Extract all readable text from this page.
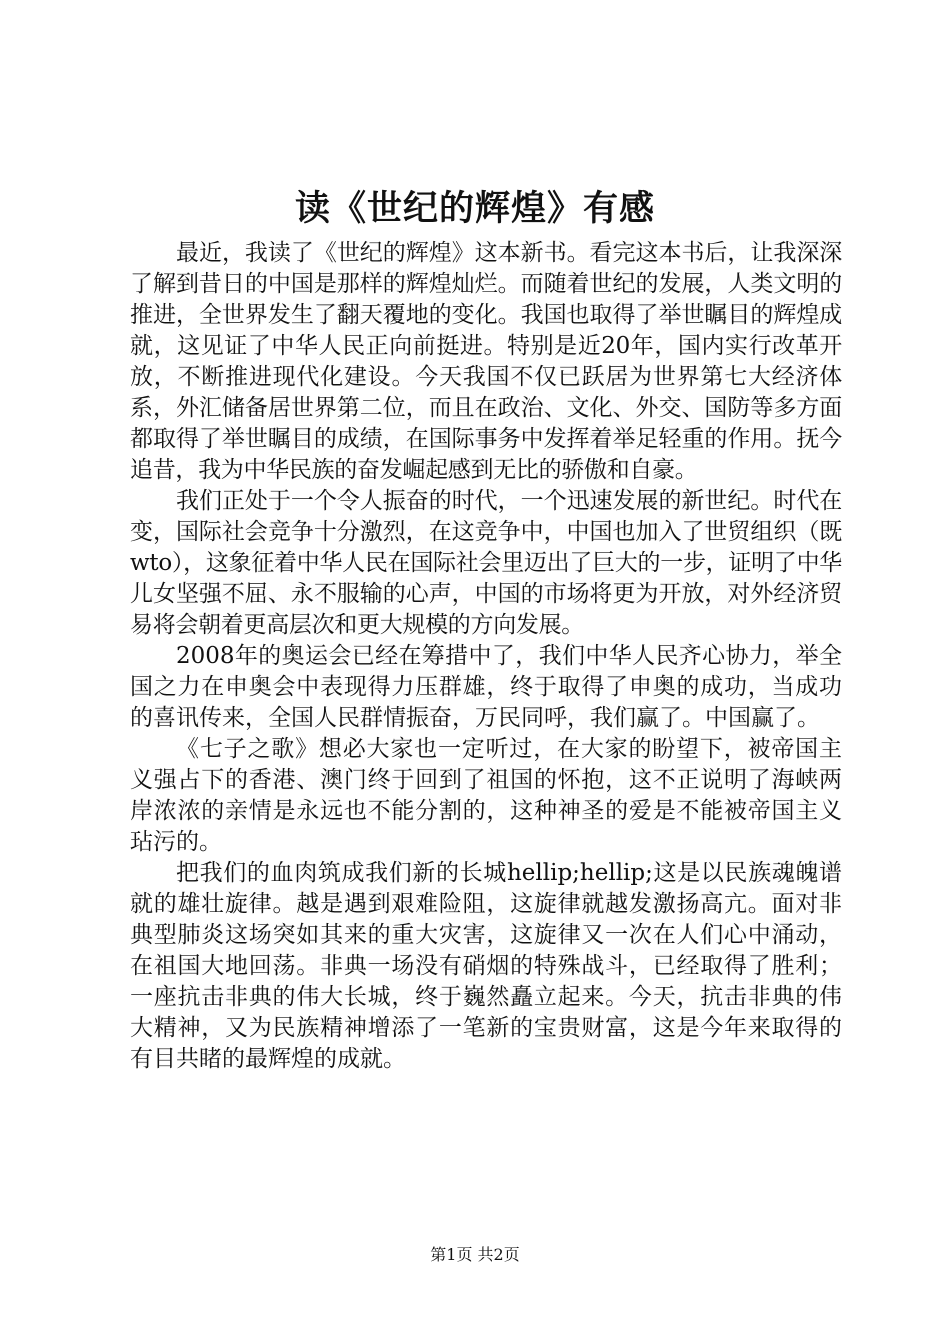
读《世纪的辉煌》有感

最近，我读了《世纪的辉煌》这本新书。看完这本书后，让我深深了解到昔日的中国是那样的辉煌灿烂。而随着世纪的发展，人类文明的推进，全世界发生了翻天覆地的变化。我国也取得了举世瞩目的辉煌成就，这见证了中华人民正向前挺进。特别是近20年，国内实行改革开放，不断推进现代化建设。今天我国不仅已跃居为世界第七大经济体系，外汇储备居世界第二位，而且在政治、文化、外交、国防等多方面都取得了举世瞩目的成绩，在国际事务中发挥着举足轻重的作用。抚今追昔，我为中华民族的奋发崛起感到无比的骄傲和自豪。

我们正处于一个令人振奋的时代，一个迅速发展的新世纪。时代在变，国际社会竞争十分激烈，在这竞争中，中国也加入了世贸组织（既wto），这象征着中华人民在国际社会里迈出了巨大的一步，证明了中华儿女坚强不屈、永不服输的心声，中国的市场将更为开放，对外经济贸易将会朝着更高层次和更大规模的方向发展。

2008年的奥运会已经在筹措中了，我们中华人民齐心协力，举全国之力在申奥会中表现得力压群雄，终于取得了申奥的成功，当成功的喜讯传来，全国人民群情振奋，万民同呼，我们赢了。中国赢了。

《七子之歌》想必大家也一定听过，在大家的盼望下，被帝国主义强占下的香港、澳门终于回到了祖国的怀抱，这不正说明了海峡两岸浓浓的亲情是永远也不能分割的，这种神圣的爱是不能被帝国主义玷污的。

把我们的血肉筑成我们新的长城hellip;hellip;这是以民族魂魄谱就的雄壮旋律。越是遇到艰难险阻，这旋律就越发激扬高亢。面对非典型肺炎这场突如其来的重大灾害，这旋律又一次在人们心中涌动，在祖国大地回荡。非典一场没有硝烟的特殊战斗，已经取得了胜利；一座抗击非典的伟大长城，终于巍然矗立起来。今天，抗击非典的伟大精神，又为民族精神增添了一笔新的宝贵财富，这是今年来取得的有目共睹的最辉煌的成就。

第1页 共2页
